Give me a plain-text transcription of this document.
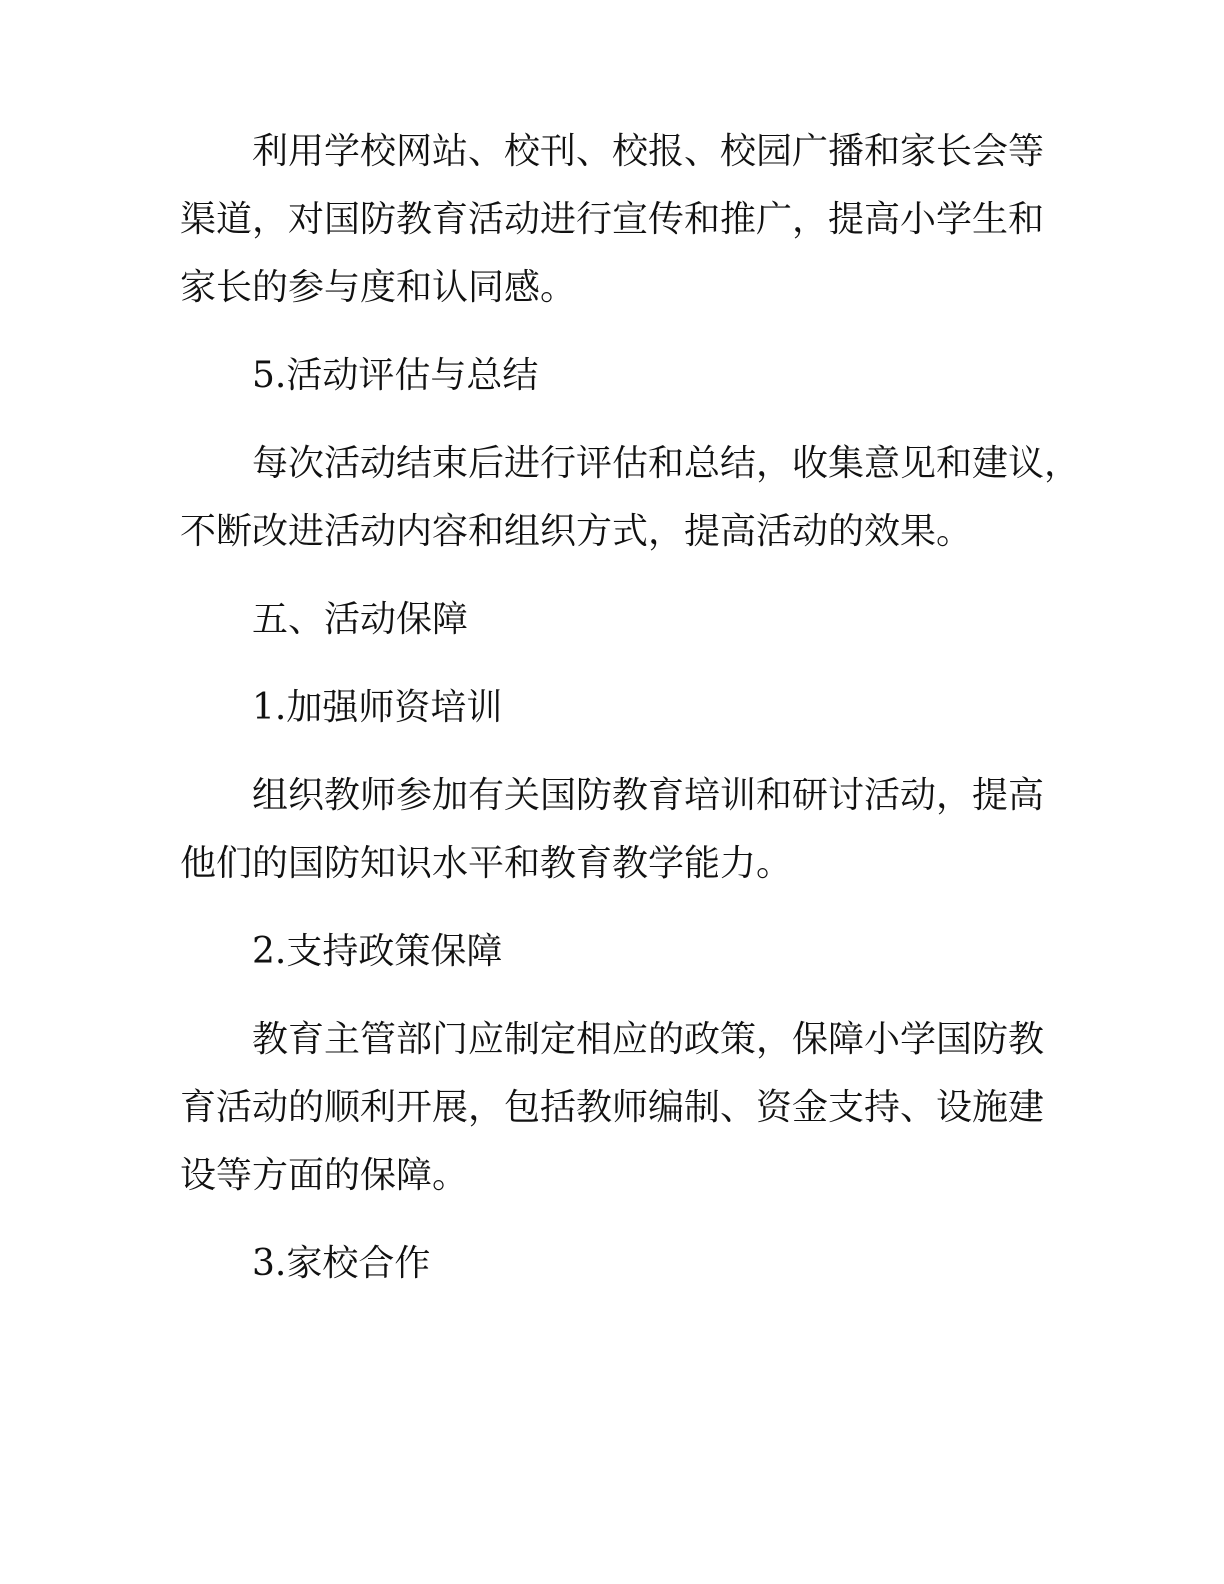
利用学校网站、校刊、校报、校园广播和家长会等
渠道，对国防教育活动进行宣传和推广，提高小学生和
家长的参与度和认同感。

5.活动评估与总结

每次活动结束后进行评估和总结，收集意见和建议，
不断改进活动内容和组织方式，提高活动的效果。

五、活动保障

1.加强师资培训

组织教师参加有关国防教育培训和研讨活动，提高
他们的国防知识水平和教育教学能力。

2.支持政策保障

教育主管部门应制定相应的政策，保障小学国防教
育活动的顺利开展，包括教师编制、资金支持、设施建
设等方面的保障。

3.家校合作
